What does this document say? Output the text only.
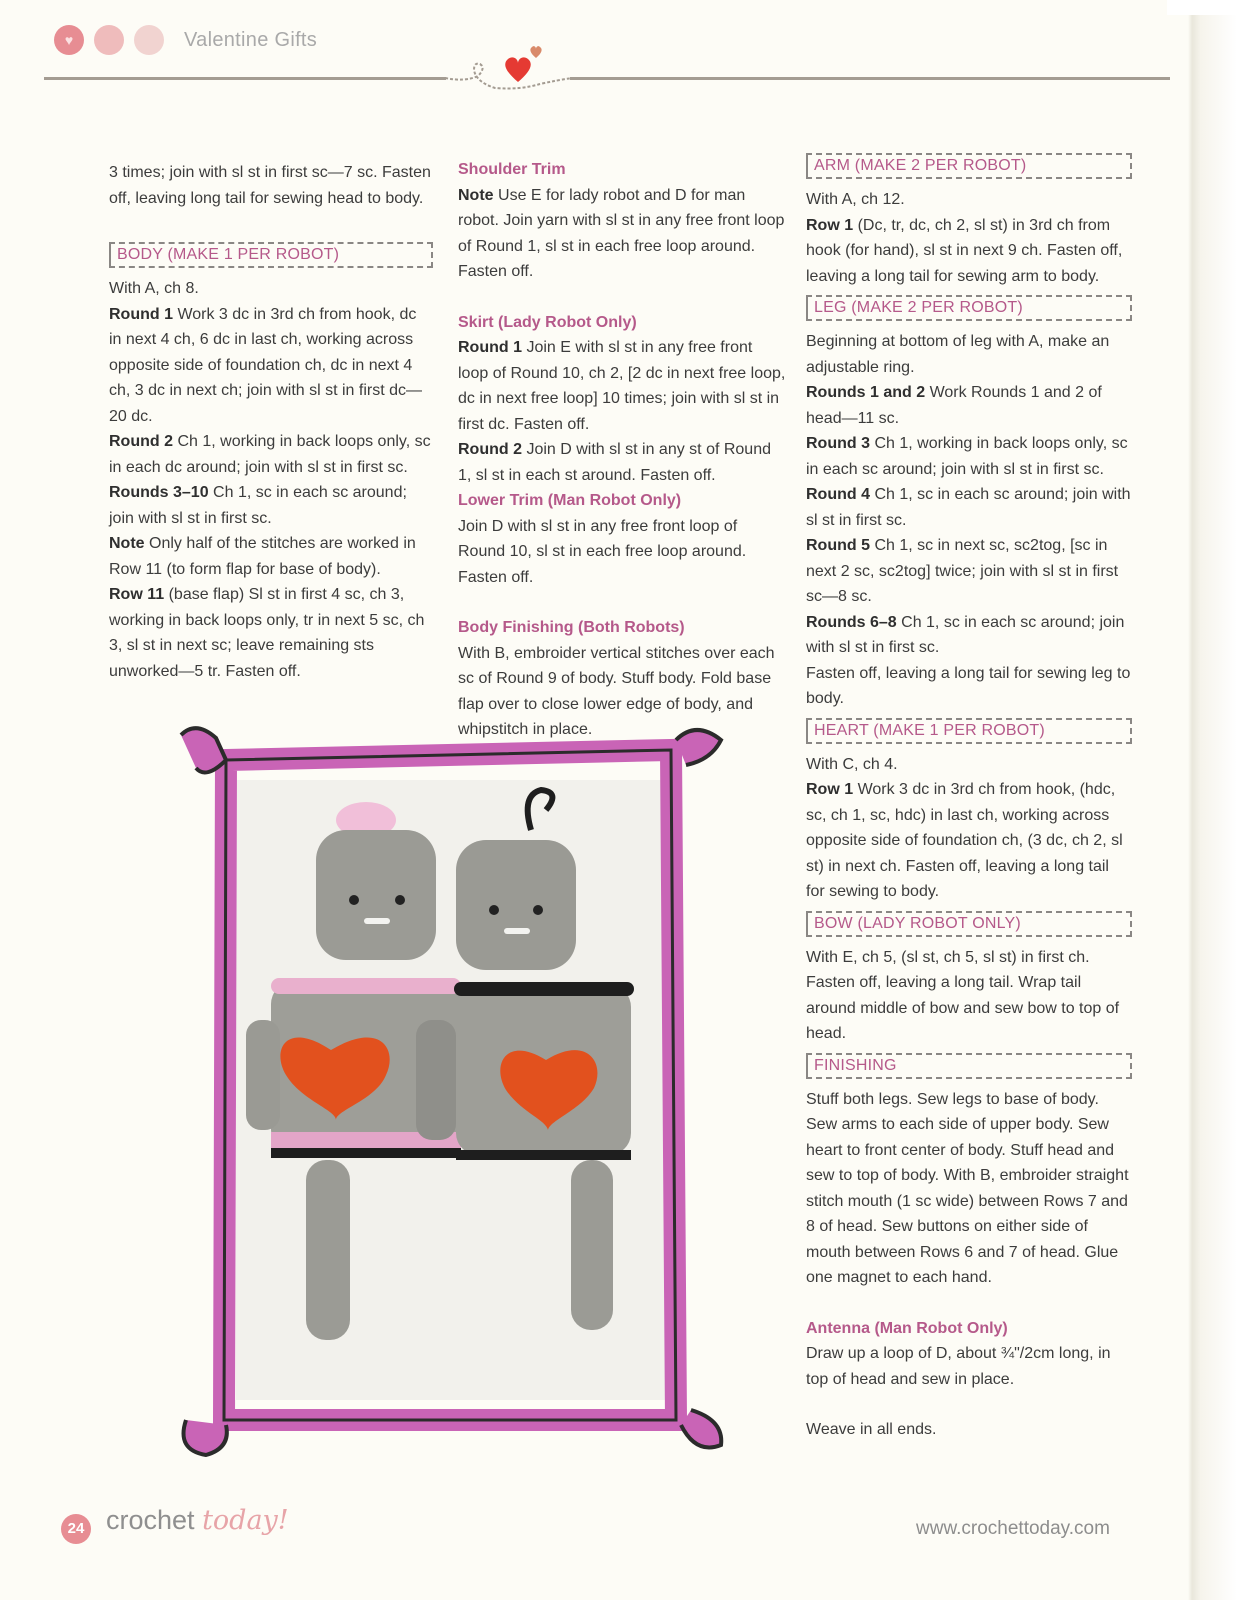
♥	Valentine Gifts

3 times; join with sl st in first sc—7 sc. Fasten off, leaving long tail for sewing head to body.

BODY (MAKE 1 PER ROBOT)

With A, ch 8.

Round 1 Work 3 dc in 3rd ch from hook, dc in next 4 ch, 6 dc in last ch, working across opposite side of foundation ch, dc in next 4 ch, 3 dc in next ch; join with sl st in first dc—20 dc.

Round 2 Ch 1, working in back loops only, sc in each dc around; join with sl st in first sc.

Rounds 3–10 Ch 1, sc in each sc around; join with sl st in first sc.

Note Only half of the stitches are worked in Row 11 (to form flap for base of body).

Row 11 (base flap) Sl st in first 4 sc, ch 3, working in back loops only, tr in next 5 sc, ch 3, sl st in next sc; leave remaining sts unworked—5 tr. Fasten off.

Shoulder Trim

Note Use E for lady robot and D for man robot. Join yarn with sl st in any free front loop of Round 1, sl st in each free loop around. Fasten off.

Skirt (Lady Robot Only)

Round 1 Join E with sl st in any free front loop of Round 10, ch 2, [2 dc in next free loop, dc in next free loop] 10 times; join with sl st in first dc. Fasten off.

Round 2 Join D with sl st in any st of Round 1, sl st in each st around. Fasten off.

Lower Trim (Man Robot Only)

Join D with sl st in any free front loop of Round 10, sl st in each free loop around. Fasten off.

Body Finishing (Both Robots)

With B, embroider vertical stitches over each sc of Round 9 of body. Stuff body. Fold base flap over to close lower edge of body, and whipstitch in place.

ARM (MAKE 2 PER ROBOT)

With A, ch 12.

Row 1 (Dc, tr, dc, ch 2, sl st) in 3rd ch from hook (for hand), sl st in next 9 ch. Fasten off, leaving a long tail for sewing arm to body.

LEG (MAKE 2 PER ROBOT)

Beginning at bottom of leg with A, make an adjustable ring.

Rounds 1 and 2 Work Rounds 1 and 2 of head—11 sc.

Round 3 Ch 1, working in back loops only, sc in each sc around; join with sl st in first sc.

Round 4 Ch 1, sc in each sc around; join with sl st in first sc.

Round 5 Ch 1, sc in next sc, sc2tog, [sc in next 2 sc, sc2tog] twice; join with sl st in first sc—8 sc.

Rounds 6–8 Ch 1, sc in each sc around; join with sl st in first sc.

Fasten off, leaving a long tail for sewing leg to body.

HEART (MAKE 1 PER ROBOT)

With C, ch 4.

Row 1 Work 3 dc in 3rd ch from hook, (hdc, sc, ch 1, sc, hdc) in last ch, working across opposite side of foundation ch, (3 dc, ch 2, sl st) in next ch. Fasten off, leaving a long tail for sewing to body.

BOW (LADY ROBOT ONLY)

With E, ch 5, (sl st, ch 5, sl st) in first ch. Fasten off, leaving a long tail. Wrap tail around middle of bow and sew bow to top of head.

FINISHING

Stuff both legs. Sew legs to base of body. Sew arms to each side of upper body. Sew heart to front center of body. Stuff head and sew to top of body. With B, embroider straight stitch mouth (1 sc wide) between Rows 7 and 8 of head. Sew buttons on either side of mouth between Rows 6 and 7 of head. Glue one magnet to each hand.

Antenna (Man Robot Only)

Draw up a loop of D, about ¾"/2cm long, in top of head and sew in place.

Weave in all ends.

24 crochet today!	www.crochettoday.com
